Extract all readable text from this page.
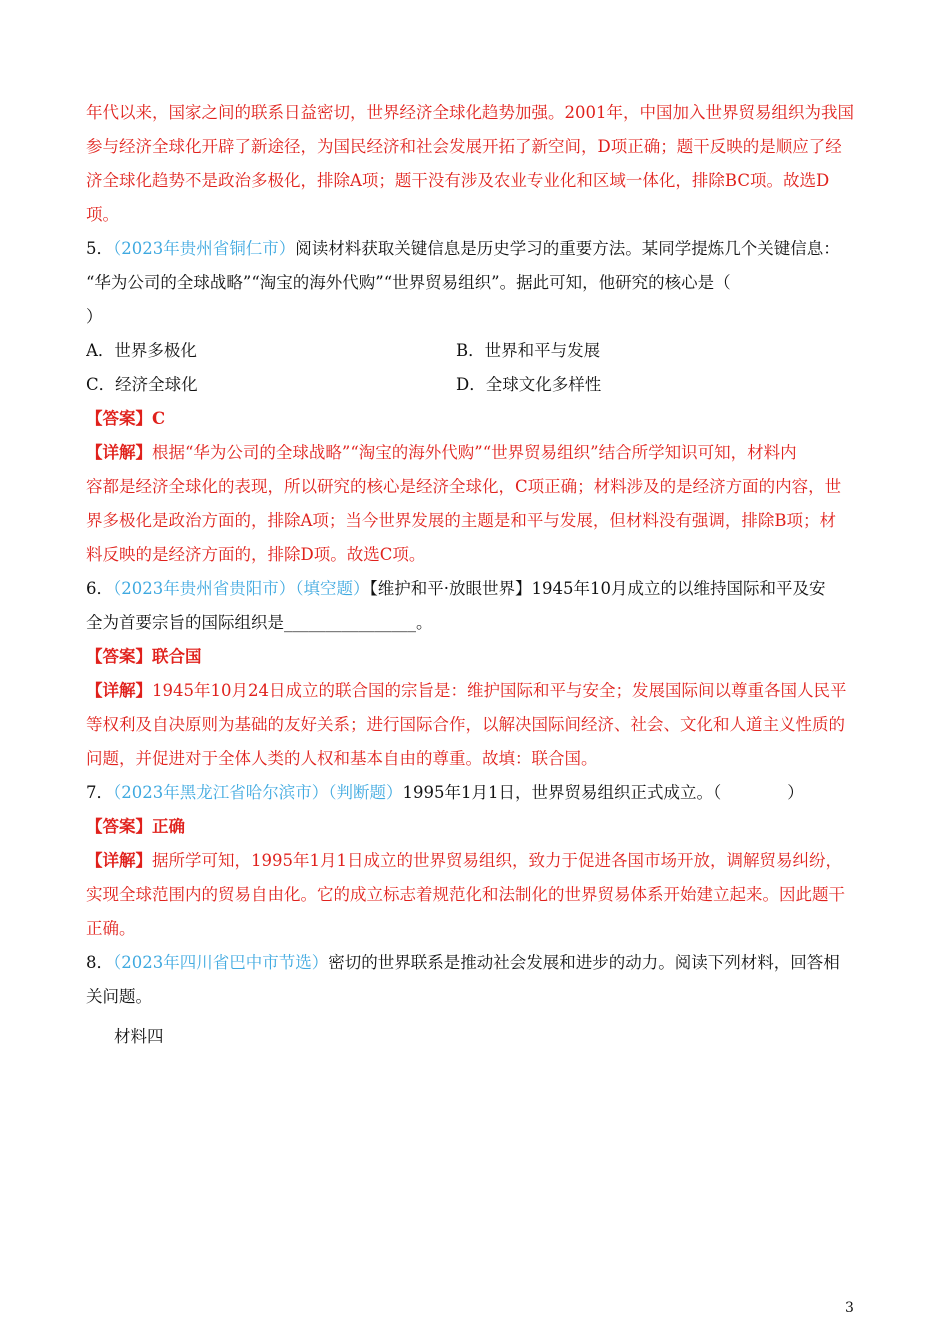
年代以来，国家之间的联系日益密切，世界经济全球化趋势加强。2001年，中国加入世界贸易组织为我国
参与经济全球化开辟了新途径，为国民经济和社会发展开拓了新空间，D项正确；题干反映的是顺应了经
济全球化趋势不是政治多极化，排除A项；题干没有涉及农业专业化和区域一体化，排除BC项。故选D
项。
5．（2023年贵州省铜仁市）阅读材料获取关键信息是历史学习的重要方法。某同学提炼几个关键信息：
“华为公司的全球战略”“淘宝的海外代购”“世界贸易组织”。据此可知，他研究的核心是（
）
A．世界多极化	B．世界和平与发展
C．经济全球化	D．全球文化多样性
【答案】C
【详解】根据“华为公司的全球战略”“淘宝的海外代购”“世界贸易组织”结合所学知识可知，材料内
容都是经济全球化的表现，所以研究的核心是经济全球化，C项正确；材料涉及的是经济方面的内容，世
界多极化是政治方面的，排除A项；当今世界发展的主题是和平与发展，但材料没有强调，排除B项；材
料反映的是经济方面的，排除D项。故选C项。
6．（2023年贵州省贵阳市）（填空题）【维护和平·放眼世界】1945年10月成立的以维持国际和平及安
全为首要宗旨的国际组织是________________。
【答案】联合国
【详解】1945年10月24日成立的联合国的宗旨是：维护国际和平与安全；发展国际间以尊重各国人民平
等权利及自决原则为基础的友好关系；进行国际合作，以解决国际间经济、社会、文化和人道主义性质的
问题，并促进对于全体人类的人权和基本自由的尊重。故填：联合国。
7．（2023年黑龙江省哈尔滨市）（判断题）1995年1月1日，世界贸易组织正式成立。（　　　　）
【答案】正确
【详解】据所学可知，1995年1月1日成立的世界贸易组织，致力于促进各国市场开放，调解贸易纠纷，
实现全球范围内的贸易自由化。它的成立标志着规范化和法制化的世界贸易体系开始建立起来。因此题干
正确。
8．（2023年四川省巴中市节选）密切的世界联系是推动社会发展和进步的动力。阅读下列材料，回答相
关问题。
材料四
3
